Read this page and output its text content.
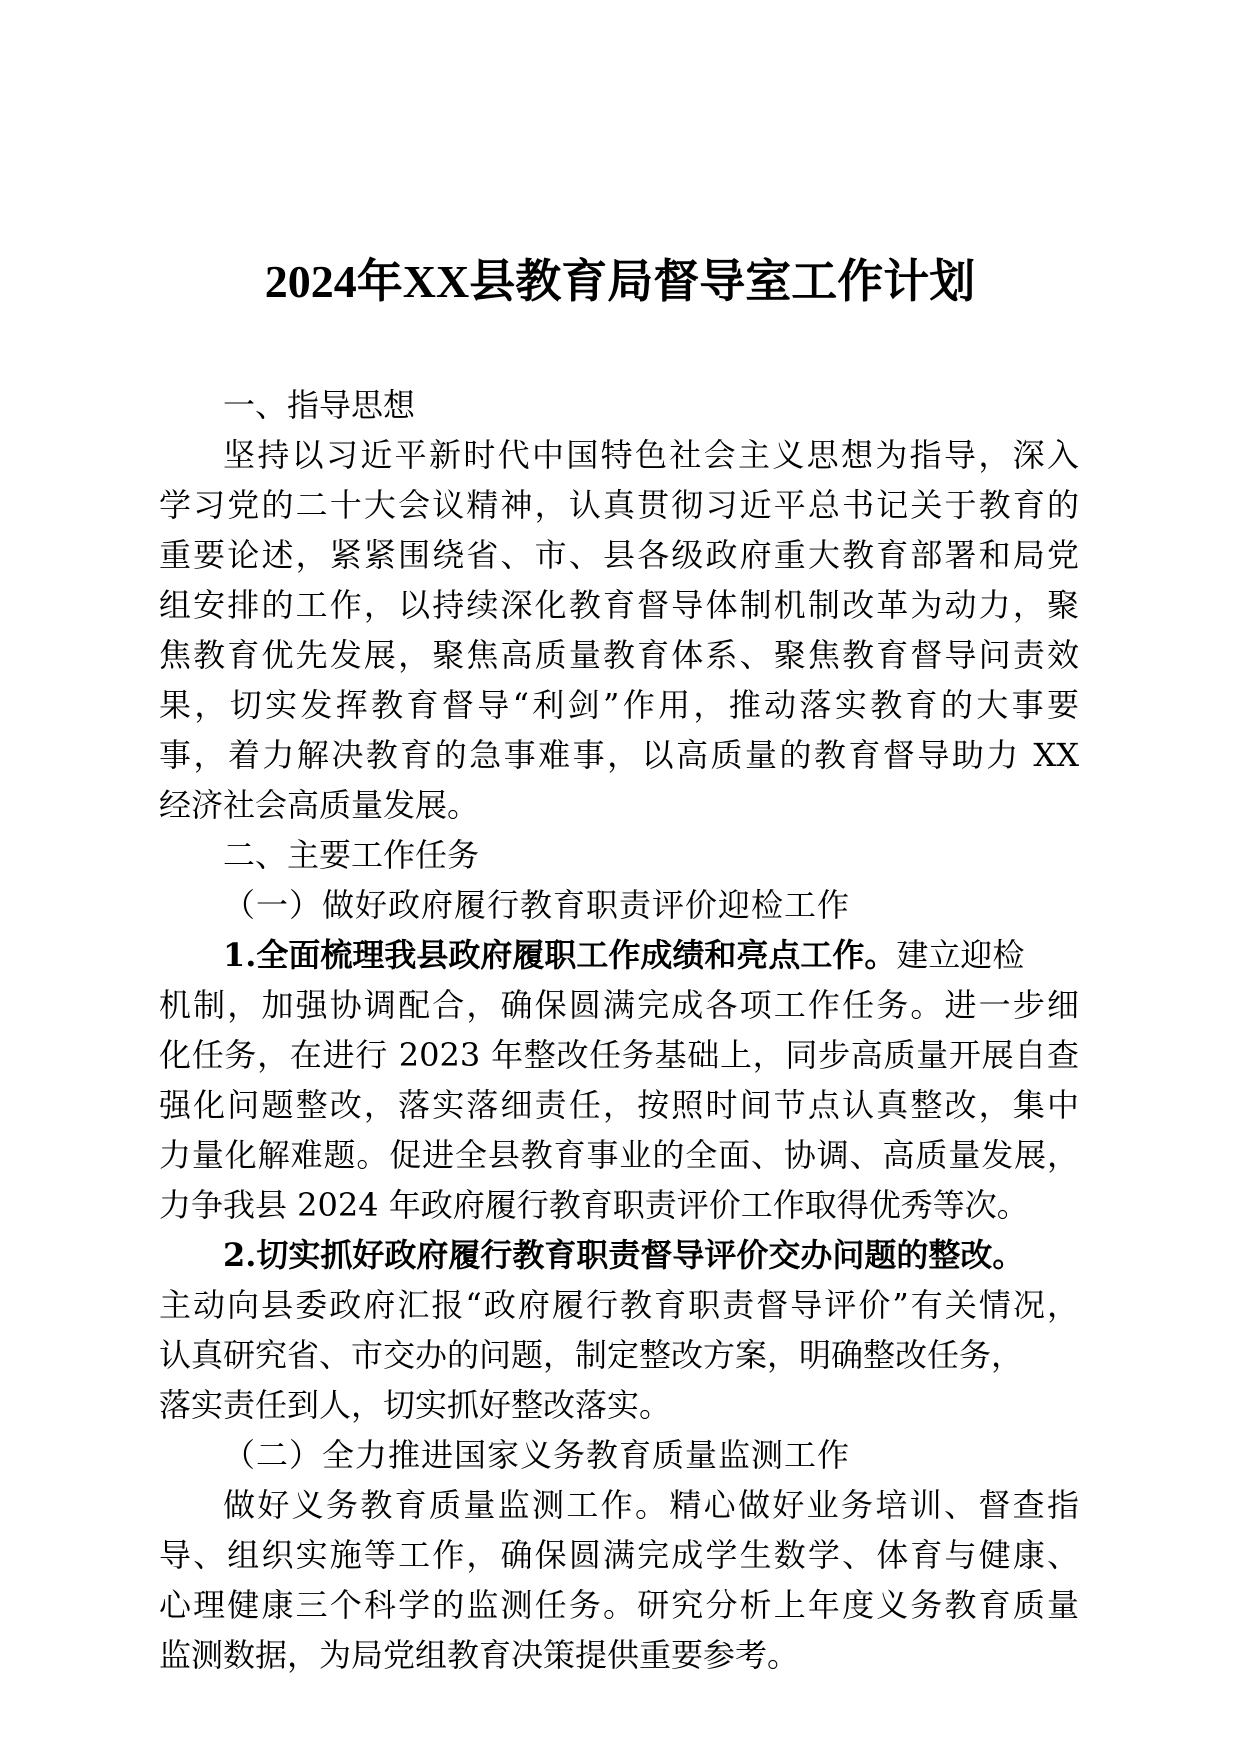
2024年XX县教育局督导室工作计划
一、指导思想
坚持以习近平新时代中国特色社会主义思想为指导，深入
学习党的二十大会议精神，认真贯彻习近平总书记关于教育的
重要论述，紧紧围绕省、市、县各级政府重大教育部署和局党
组安排的工作，以持续深化教育督导体制机制改革为动力，聚
焦教育优先发展，聚焦高质量教育体系、聚焦教育督导问责效
果，切实发挥教育督导“利剑”作用，推动落实教育的大事要
事，着力解决教育的急事难事，以高质量的教育督导助力 XX
经济社会高质量发展。
二、主要工作任务
（一）做好政府履行教育职责评价迎检工作
1.全面梳理我县政府履职工作成绩和亮点工作。建立迎检
机制，加强协调配合，确保圆满完成各项工作任务。进一步细
化任务，在进行 2023 年整改任务基础上，同步高质量开展自查
强化问题整改，落实落细责任，按照时间节点认真整改，集中
力量化解难题。促进全县教育事业的全面、协调、高质量发展，
力争我县 2024 年政府履行教育职责评价工作取得优秀等次。
2.切实抓好政府履行教育职责督导评价交办问题的整改。
主动向县委政府汇报“政府履行教育职责督导评价”有关情况，
认真研究省、市交办的问题，制定整改方案，明确整改任务，
落实责任到人，切实抓好整改落实。
（二）全力推进国家义务教育质量监测工作
做好义务教育质量监测工作。精心做好业务培训、督查指
导、组织实施等工作，确保圆满完成学生数学、体育与健康、
心理健康三个科学的监测任务。研究分析上年度义务教育质量
监测数据，为局党组教育决策提供重要参考。
